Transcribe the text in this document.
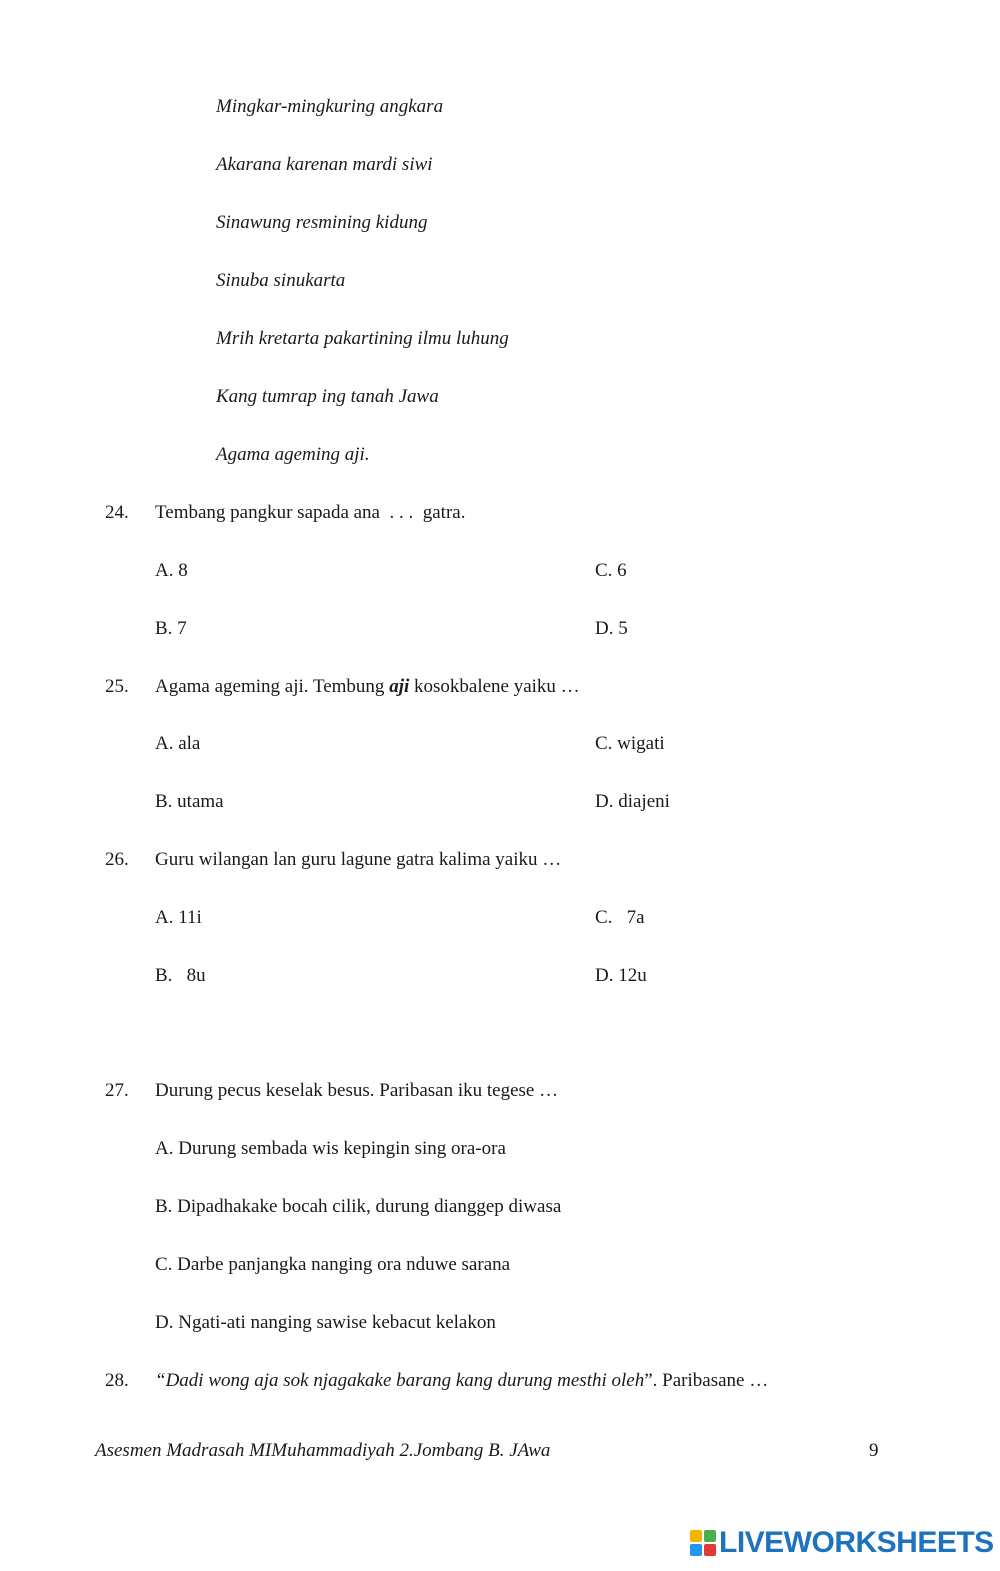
Mingkar-mingkuring angkara
Akarana karenan mardi siwi
Sinawung resmining kidung
Sinuba sinukarta
Mrih kretarta pakartining ilmu luhung
Kang tumrap ing tanah Jawa
Agama ageming aji.
24. Tembang pangkur sapada ana  . . .  gatra.
A. 8	C. 6
B. 7	D. 5
25. Agama ageming aji. Tembung aji kosokbalene yaiku …
A. ala	C. wigati
B. utama	D. diajeni
26. Guru wilangan lan guru lagune gatra kalima yaiku …
A. 11i	C.   7a
B.   8u	D. 12u
27. Durung pecus keselak besus. Paribasan iku tegese …
A. Durung sembada wis kepingin sing ora-ora
B. Dipadhakake bocah cilik, durung dianggep diwasa
C. Darbe panjangka nanging ora nduwe sarana
D. Ngati-ati nanging sawise kebacut kelakon
28. “Dadi wong aja sok njagakake barang kang durung mesthi oleh”. Paribasane …
Asesmen Madrasah MIMuhammadiyah 2.Jombang B. JAwa	9
LIVEWORKSHEETS
